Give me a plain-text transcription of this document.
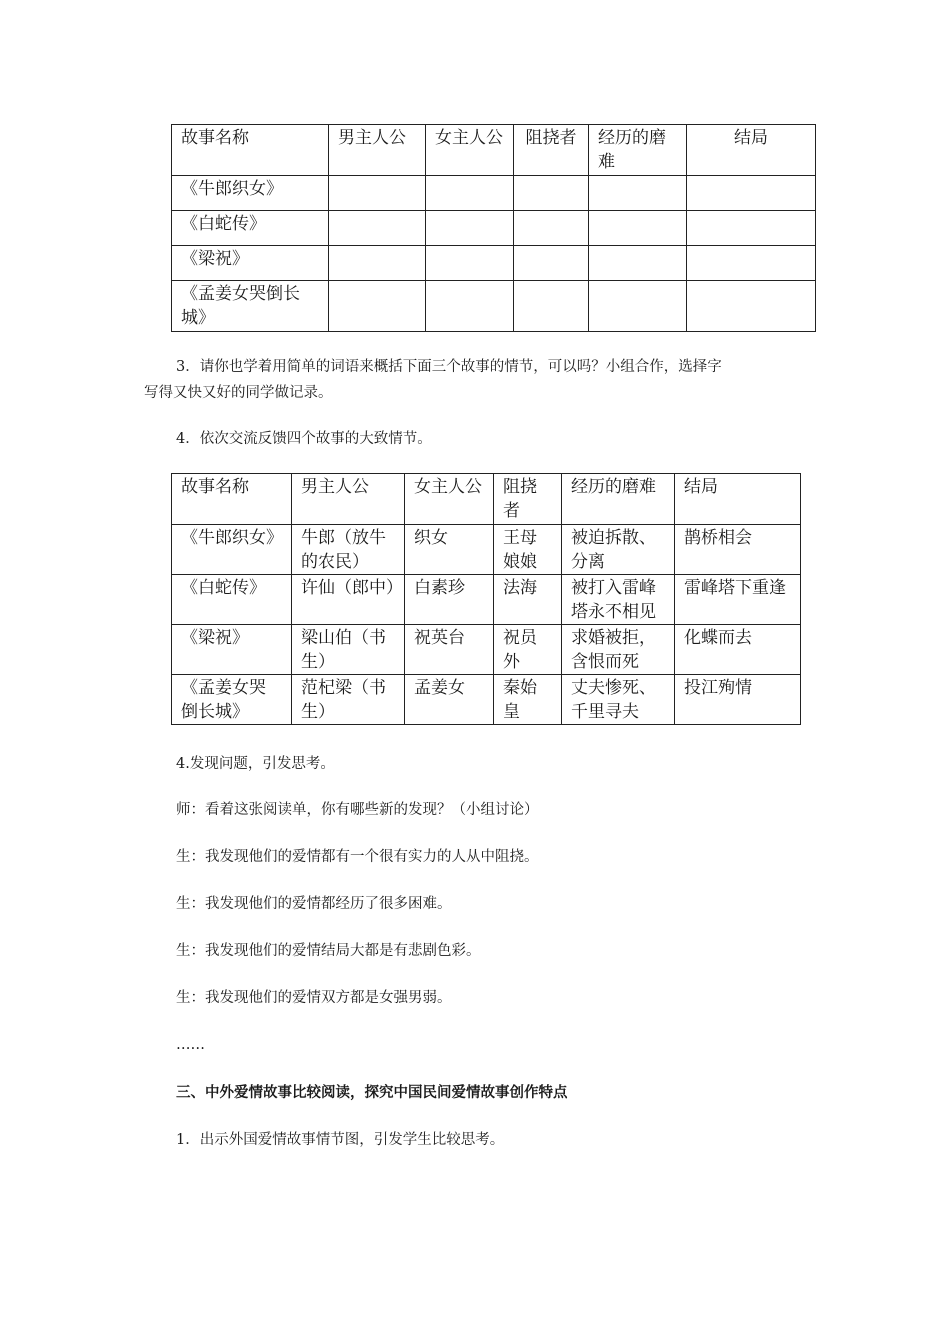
故事名称	男主人公	女主人公	阻挠者	经历的磨难	结局
《牛郎织女》					
《白蛇传》					
《梁祝》					
《孟姜女哭倒长城》					
3．请你也学着用简单的词语来概括下面三个故事的情节，可以吗？小组合作，选择字
写得又快又好的同学做记录。
4．依次交流反馈四个故事的大致情节。
故事名称	男主人公	女主人公	阻挠者	经历的磨难	结局
《牛郎织女》	牛郎（放牛的农民）	织女	王母娘娘	被迫拆散、分离	鹊桥相会
《白蛇传》	许仙（郎中）	白素珍	法海	被打入雷峰塔永不相见	雷峰塔下重逢
《梁祝》	梁山伯（书生）	祝英台	祝员外	求婚被拒，含恨而死	化蝶而去
《孟姜女哭倒长城》	范杞梁（书生）	孟姜女	秦始皇	丈夫惨死、千里寻夫	投江殉情
4.发现问题，引发思考。
师：看着这张阅读单，你有哪些新的发现？（小组讨论）
生：我发现他们的爱情都有一个很有实力的人从中阻挠。
生：我发现他们的爱情都经历了很多困难。
生：我发现他们的爱情结局大都是有悲剧色彩。
生：我发现他们的爱情双方都是女强男弱。
……
三、中外爱情故事比较阅读，探究中国民间爱情故事创作特点
1．出示外国爱情故事情节图，引发学生比较思考。
